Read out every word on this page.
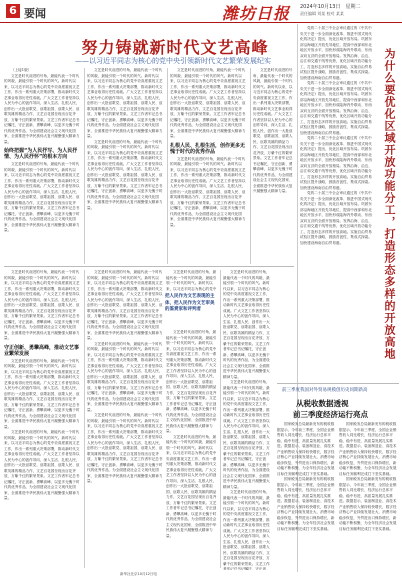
6 要闻	潍坊日报 2024年10月13日　星期二
责任编辑 刘某 校对 某某
努力铸就新时代文艺高峰
——以习近平同志为核心的党中央引领新时代文艺繁荣发展纪实

（上接1版）

文艺是时代前进的号角，最能代表一个时代的风貌，最能引领一个时代的风气。新时代以来，以习近平同志为核心的党中央高度重视文艺工作，作出一系列重大决策部署，推动新时代文艺事业取得历史性成就。广大文艺工作者坚持以人民为中心的创作导向，深入生活、扎根人民，创作出一大批讴歌党、讴歌祖国、讴歌人民、讴歌英雄的精品力作，文艺百花园呈现出百花齐放、万紫千红的繁荣景象。文艺工作者牢记总书记嘱托，守正创新、勇攀高峰，以更多无愧于时代的优秀作品，为全面建设社会主义现代化国家、全面推进中华民族伟大复兴凝聚强大精神力量。

始终把握“为人民抒写、为人民抒情、为人民抒怀”的根本方向

文艺是时代前进的号角，最能代表一个时代的风貌，最能引领一个时代的风气。新时代以来，以习近平同志为核心的党中央高度重视文艺工作，作出一系列重大决策部署，推动新时代文艺事业取得历史性成就。广大文艺工作者坚持以人民为中心的创作导向，深入生活、扎根人民，创作出一大批讴歌党、讴歌祖国、讴歌人民、讴歌英雄的精品力作，文艺百花园呈现出百花齐放、万紫千红的繁荣景象。文艺工作者牢记总书记嘱托，守正创新、勇攀高峰，以更多无愧于时代的优秀作品，为全面建设社会主义现代化国家、全面推进中华民族伟大复兴凝聚强大精神力量。

文艺是时代前进的号角，最能代表一个时代的风貌，最能引领一个时代的风气。新时代以来，以习近平同志为核心的党中央高度重视文艺工作，作出一系列重大决策部署，推动新时代文艺事业取得历史性成就。广大文艺工作者坚持以人民为中心的创作导向，深入生活、扎根人民，创作出一大批讴歌党、讴歌祖国、讴歌人民、讴歌英雄的精品力作，文艺百花园呈现出百花齐放、万紫千红的繁荣景象。文艺工作者牢记总书记嘱托，守正创新、勇攀高峰，以更多无愧于时代的优秀作品，为全面建设社会主义现代化国家、全面推进中华民族伟大复兴凝聚强大精神力量。

文艺是时代前进的号角，最能代表一个时代的风貌，最能引领一个时代的风气。新时代以来，以习近平同志为核心的党中央高度重视文艺工作，作出一系列重大决策部署，推动新时代文艺事业取得历史性成就。广大文艺工作者坚持以人民为中心的创作导向，深入生活、扎根人民，创作出一大批讴歌党、讴歌祖国、讴歌人民、讴歌英雄的精品力作，文艺百花园呈现出百花齐放、万紫千红的繁荣景象。文艺工作者牢记总书记嘱托，守正创新、勇攀高峰，以更多无愧于时代的优秀作品，为全面建设社会主义现代化国家、全面推进中华民族伟大复兴凝聚强大精神力量。

文艺是时代前进的号角，最能代表一个时代的风貌，最能引领一个时代的风气。新时代以来，以习近平同志为核心的党中央高度重视文艺工作，作出一系列重大决策部署，推动新时代文艺事业取得历史性成就。广大文艺工作者坚持以人民为中心的创作导向，深入生活、扎根人民，创作出一大批讴歌党、讴歌祖国、讴歌人民、讴歌英雄的精品力作，文艺百花园呈现出百花齐放、万紫千红的繁荣景象。文艺工作者牢记总书记嘱托，守正创新、勇攀高峰，以更多无愧于时代的优秀作品，为全面建设社会主义现代化国家、全面推进中华民族伟大复兴凝聚强大精神力量。

扎根人民、扎根生活，创作更多无愧于时代的优秀作品

文艺是时代前进的号角，最能代表一个时代的风貌，最能引领一个时代的风气。新时代以来，以习近平同志为核心的党中央高度重视文艺工作，作出一系列重大决策部署，推动新时代文艺事业取得历史性成就。广大文艺工作者坚持以人民为中心的创作导向，深入生活、扎根人民，创作出一大批讴歌党、讴歌祖国、讴歌人民、讴歌英雄的精品力作，文艺百花园呈现出百花齐放、万紫千红的繁荣景象。文艺工作者牢记总书记嘱托，守正创新、勇攀高峰，以更多无愧于时代的优秀作品，为全面建设社会主义现代化国家、全面推进中华民族伟大复兴凝聚强大精神力量。

文艺是时代前进的号角，最能代表一个时代的风貌，最能引领一个时代的风气。新时代以来，以习近平同志为核心的党中央高度重视文艺工作，作出一系列重大决策部署，推动新时代文艺事业取得历史性成就。广大文艺工作者坚持以人民为中心的创作导向，深入生活、扎根人民，创作出一大批讴歌党、讴歌祖国、讴歌人民、讴歌英雄的精品力作，文艺百花园呈现出百花齐放、万紫千红的繁荣景象。文艺工作者牢记总书记嘱托，守正创新、勇攀高峰，以更多无愧于时代的优秀作品，为全面建设社会主义现代化国家、全面推进中华民族伟大复兴凝聚强大精神力量。

文艺是时代前进的号角，最能代表一个时代的风貌，最能引领一个时代的风气。新时代以来，以习近平同志为核心的党中央高度重视文艺工作，作出一系列重大决策部署，推动新时代文艺事业取得历史性成就。广大文艺工作者坚持以人民为中心的创作导向，深入生活、扎根人民，创作出一大批讴歌党、讴歌祖国、讴歌人民、讴歌英雄的精品力作，文艺百花园呈现出百花齐放、万紫千红的繁荣景象。文艺工作者牢记总书记嘱托，守正创新、勇攀高峰，以更多无愧于时代的优秀作品，为全面建设社会主义现代化国家、全面推进中华民族伟大复兴凝聚强大精神力量。

守正创新、勇攀高峰，推动文艺事业繁荣发展

文艺是时代前进的号角，最能代表一个时代的风貌，最能引领一个时代的风气。新时代以来，以习近平同志为核心的党中央高度重视文艺工作，作出一系列重大决策部署，推动新时代文艺事业取得历史性成就。广大文艺工作者坚持以人民为中心的创作导向，深入生活、扎根人民，创作出一大批讴歌党、讴歌祖国、讴歌人民、讴歌英雄的精品力作，文艺百花园呈现出百花齐放、万紫千红的繁荣景象。文艺工作者牢记总书记嘱托，守正创新、勇攀高峰，以更多无愧于时代的优秀作品，为全面建设社会主义现代化国家、全面推进中华民族伟大复兴凝聚强大精神力量。

文艺是时代前进的号角，最能代表一个时代的风貌，最能引领一个时代的风气。新时代以来，以习近平同志为核心的党中央高度重视文艺工作，作出一系列重大决策部署，推动新时代文艺事业取得历史性成就。广大文艺工作者坚持以人民为中心的创作导向，深入生活、扎根人民，创作出一大批讴歌党、讴歌祖国、讴歌人民、讴歌英雄的精品力作，文艺百花园呈现出百花齐放、万紫千红的繁荣景象。文艺工作者牢记总书记嘱托，守正创新、勇攀高峰，以更多无愧于时代的优秀作品，为全面建设社会主义现代化国家、全面推进中华民族伟大复兴凝聚强大精神力量。

文艺是时代前进的号角，最能代表一个时代的风貌，最能引领一个时代的风气。新时代以来，以习近平同志为核心的党中央高度重视文艺工作，作出一系列重大决策部署，推动新时代文艺事业取得历史性成就。广大文艺工作者坚持以人民为中心的创作导向，深入生活、扎根人民，创作出一大批讴歌党、讴歌祖国、讴歌人民、讴歌英雄的精品力作，文艺百花园呈现出百花齐放、万紫千红的繁荣景象。文艺工作者牢记总书记嘱托，守正创新、勇攀高峰，以更多无愧于时代的优秀作品，为全面建设社会主义现代化国家、全面推进中华民族伟大复兴凝聚强大精神力量。

文艺是时代前进的号角，最能代表一个时代的风貌，最能引领一个时代的风气。新时代以来，以习近平同志为核心的党中央高度重视文艺工作，作出一系列重大决策部署，推动新时代文艺事业取得历史性成就。广大文艺工作者坚持以人民为中心的创作导向，深入生活、扎根人民，创作出一大批讴歌党、讴歌祖国、讴歌人民、讴歌英雄的精品力作，文艺百花园呈现出百花齐放、万紫千红的繁荣景象。文艺工作者牢记总书记嘱托，守正创新、勇攀高峰，以更多无愧于时代的优秀作品，为全面建设社会主义现代化国家、全面推进中华民族伟大复兴凝聚强大精神力量。

文艺是时代前进的号角，最能代表一个时代的风貌，最能引领一个时代的风气。新时代以来，以习近平同志为核心的党中央高度重视文艺工作，作出一系列重大决策部署，推动新时代文艺事业取得历史性成就。广大文艺工作者坚持以人民为中心的创作导向，深入生活、扎根人民，创作出一大批讴歌党、讴歌祖国、讴歌人民、讴歌英雄的精品力作，文艺百花园呈现出百花齐放、万紫千红的繁荣景象。文艺工作者牢记总书记嘱托，守正创新、勇攀高峰，以更多无愧于时代的优秀作品，为全面建设社会主义现代化国家、全面推进中华民族伟大复兴凝聚强大精神力量。

文艺是时代前进的号角，最能代表一个时代的风貌，最能引领一个时代的风气。新时代以来，以习近平同志为核心的党中

把人民作为文艺表现的主体，把人民作为文艺审美的鉴赏家和评判者

文艺是时代前进的号角，最能代表一个时代的风貌，最能引领一个时代的风气。新时代以来，以习近平同志为核心的党中央高度重视文艺工作，作出一系列重大决策部署，推动新时代文艺事业取得历史性成就。广大文艺工作者坚持以人民为中心的创作导向，深入生活、扎根人民，创作出一大批讴歌党、讴歌祖国、讴歌人民、讴歌英雄的精品力作，文艺百花园呈现出百花齐放、万紫千红的繁荣景象。文艺工作者牢记总书记嘱托，守正创新、勇攀高峰，以更多无愧于时代的优秀作品，为全面建设社会主义现代化国家、全面推进中华民族伟大复兴凝聚强大精神力量。

文艺是时代前进的号角，最能代表一个时代的风貌，最能引领一个时代的风气。新时代以来，以习近平同志为核心的党中央高度重视文艺工作，作出一系列重大决策部署，推动新时代文艺事业取得历史性成就。广大文艺工作者坚持以人民为中心的创作导向，深入生活、扎根人民，创作出一大批讴歌党、讴歌祖国、讴歌人民、讴歌英雄的精品力作，文艺百花园呈现出百花齐放、万紫千红的繁荣景象。文艺工作者牢记总书记嘱托，守正创新、勇攀高峰，以更多无愧于时代的优秀作品，为全面建设社会主义现代化国家、全面推进中华民族伟大复兴凝聚强大精神力量。

文艺是时代前进的号角，最能代表一个时代的风貌，最能引领一个时代的风气。新时代以来，以习近平同志为核心的党中央高度重视文艺工作，作出一系列重大决策部署，推动新时代文艺事业取得历史性成就。广大文艺工作者坚持以人民为中心的创作导向，深入生活、扎根人民，创作出一大批讴歌党、讴歌祖国、讴歌人民、讴歌英雄的精品力作，文艺百花园呈现出百花齐放、万紫千红的繁荣景象。文艺工作者牢记总书记嘱托，守正创新、勇攀高峰，以更多无愧于时代的优秀作品，为全面建设社会主义现代化国家、全面推进中华民族伟大复兴凝聚强大精神力量。

文艺是时代前进的号角，最能代表一个时代的风貌，最能引领一个时代的风气。新时代以来，以习近平同志为核心的党中央高度重视文艺工作，作出一系列重大决策部署，推动新时代文艺事业取得历史性成就。广大文艺工作者坚持以人民为中心的创作导向，深入生活、扎根人民，创作出一大批讴歌党、讴歌祖国、讴歌人民、讴歌英雄的精品力作，文艺百花园呈现出百花齐放、万紫千红的繁荣景象。文艺工作者牢记总书记嘱托，守正创新、勇攀高峰，以更多无愧于时代的优秀作品，为全面建设社会主义现代化国家、全面推进中华民族伟大复兴凝聚强大精神力量。

文艺是时代前进的号角，最能代表一个时代的风貌，最能引领一个时代的风气。新时代以来，以习近平同志为核心的党中央高度重视文艺工作，作出一系列重大决策部署，推动新时代文艺事业取得历史性成就。广大文艺工作者坚持以人民为中心的创作导向，深入生活、扎根人民，创作出一大批讴歌党、讴歌祖国、讴歌人民、讴歌英雄的精品力作，文艺百花园呈现出百花齐放、万紫千红的繁荣景象。文艺工作者牢记总书记嘱托，守正创

党的二十届三中全会审议通过的《中共中央关于进一步全面深化改革、推进中国式现代化的决定》提出，优化区域开放布局。巩固东部沿海地区开放先导地位，提高中西部和东北地区开放水平，加快形成陆海内外联动、东西双向互济的全面开放格局。发挥沿海、沿边、沿江和交通干线等优势，优化区域开放功能分工，打造形态多样的开放高地。实施自由贸易试验区提升战略，鼓励首创性、集成式探索。加快建设海南自由贸易港。

党的二十届三中全会审议通过的《中共中央关于进一步全面深化改革、推进中国式现代化的决定》提出，优化区域开放布局。巩固东部沿海地区开放先导地位，提高中西部和东北地区开放水平，加快形成陆海内外联动、东西双向互济的全面开放格局。发挥沿海、沿边、沿江和交通干线等优势，优化区域开放功能分工，打造形态多样的开放高地。实施自由贸易试验区提升战略，鼓励首创性、集成式探索。加快建设海南自由贸易港。

党的二十届三中全会审议通过的《中共中央关于进一步全面深化改革、推进中国式现代化的决定》提出，优化区域开放布局。巩固东部沿海地区开放先导地位，提高中西部和东北地区开放水平，加快形成陆海内外联动、东西双向互济的全面开放格局。发挥沿海、沿边、沿江和交通干线等优势，优化区域开放功能分工，打造形态多样的开放高地。实施自由贸易试验区提升战略，鼓励首创性、集成式探索。加快建设海南自由贸易港。

党的二十届三中全会审议通过的《中共中央关于进一步全面深化改革、推进中国式现代化的决定》提出，优化区域开放布局。巩固东部沿海地区开放先导地位，提高中西部和东北地区开放水平，加快形成陆海内外联动、东西双向互济的全面开放格局。发挥沿海、沿边、沿江和交通干线等优势，优化区域开放功能分工，打造形态多样的开放高地。实施自由贸易试验区提升战略，鼓励首创性、集成式探索。加快建设海南自由贸易港。	为什么要优化区域开放功能分工，打造形态多样的开放高地
前三季度我国对外贸易规模创历史同期新高
从税收数据透视
前三季度经济运行亮点

国家税务总局最新发布的税收数据显示，今年前三季度，全国企业销售收入同比增长，经济运行总体平稳、稳中有进，高质量发展扎实推进。数据显示，装备制造业、高技术产业销售收入保持较快增长，数字经济核心产业持续发展壮大，消费市场稳步恢复，外贸进出口保持增长，新动能不断积聚，为全年经济社会发展目标任务顺利完成打下坚实基础。

国家税务总局最新发布的税收数据显示，今年前三季度，全国企业销售收入同比增长，经济运行总体平稳、稳中有进，高质量发展扎实推进。数据显示，装备制造业、高技术产业销售收入保持较快增长，数字经济核心产业持续发展壮大，消费市场稳步恢复，外贸进出口保持增长，新动能不断积聚，为全年经济社会发展目标任务顺利完成打下坚实基础。

国家税务总局最新发布的税收数据显示，今年前三季度，全国企业销售收入同比增长，经济运行总体平稳、稳中有进，高质量发展扎实推进。数据显示，装备制造业、高技术产业销售收入保持较快增长，数字经济核心产业持续发展壮大，消费市场稳步恢复，外贸进出口保持增长，新动能不断积聚，为全年经济社会发展目标任务顺利完成打下坚实基础。

国家税务总局最新发布的税收数据显示，今年前三季度，全国企业销售收入同比增长，经济运行总体平稳、稳中有进，高质量发展扎实推进。数据显示，装备制造业、高技术产业销售收入保持较快增长，数字经济核心产业持续发展壮大，消费市场稳步恢复，外贸进出口保持增长，新动能不断积聚，为全年经济社会发展目标任务顺利完成打下坚实基础。

新华社北京10月12日电
